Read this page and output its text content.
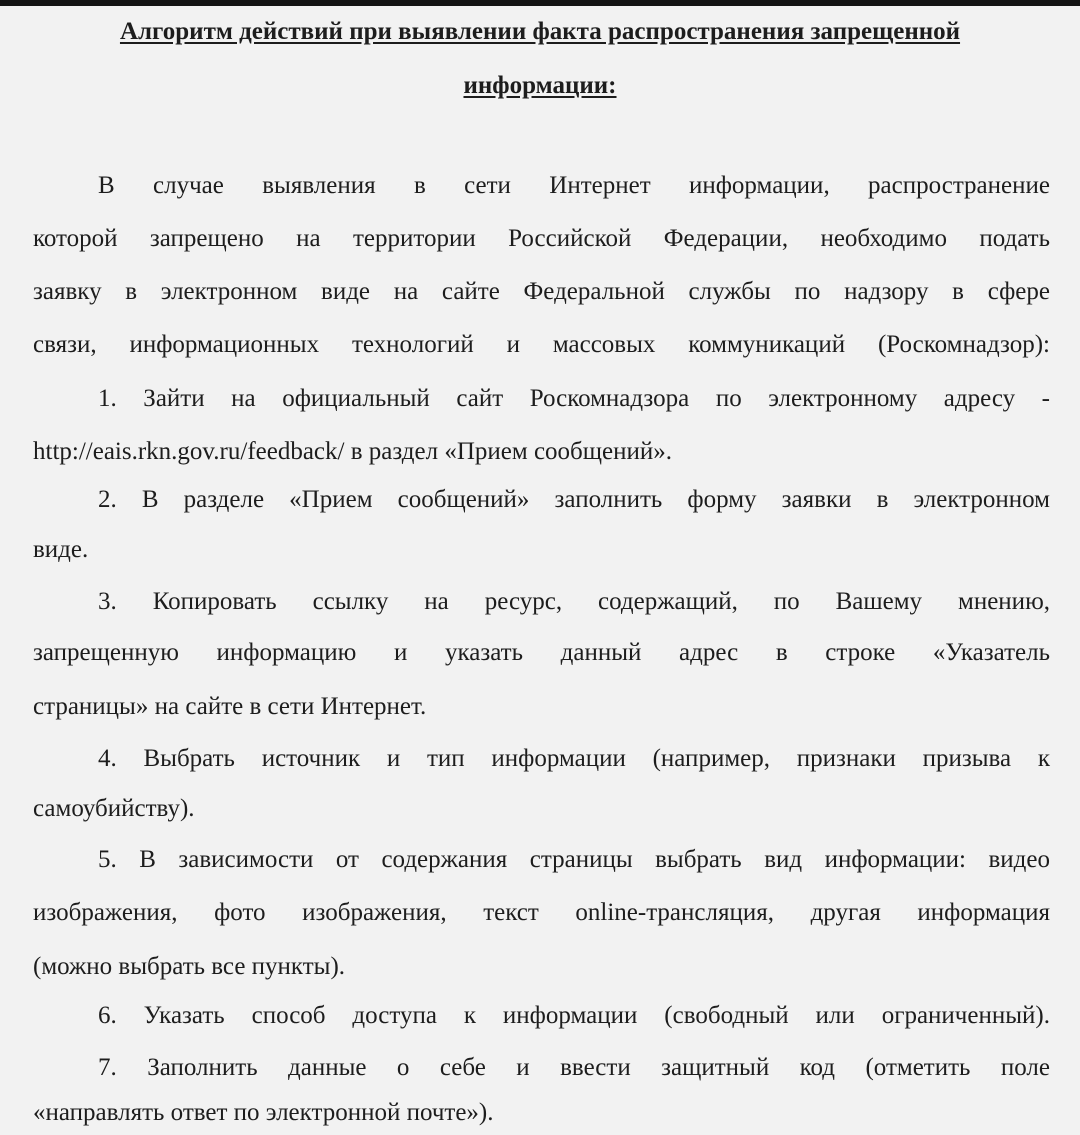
Алгоритм действий при выявлении факта распространения запрещенной
информации:
В случае выявления в сети Интернет информации, распространение
которой запрещено на территории Российской Федерации, необходимо подать
заявку в электронном виде на сайте Федеральной службы по надзору в сфере
связи, информационных технологий и массовых коммуникаций (Роскомнадзор):
1. Зайти на официальный сайт Роскомнадзора по электронному адресу -
http://eais.rkn.gov.ru/feedback/ в раздел «Прием сообщений».
2. В разделе «Прием сообщений» заполнить форму заявки в электронном
виде.
3. Копировать ссылку на ресурс, содержащий, по Вашему мнению,
запрещенную информацию и указать данный адрес в строке «Указатель
страницы» на сайте в сети Интернет.
4. Выбрать источник и тип информации (например, признаки призыва к
самоубийству).
5. В зависимости от содержания страницы выбрать вид информации: видео
изображения, фото изображения, текст online-трансляция, другая информация
(можно выбрать все пункты).
6. Указать способ доступа к информации (свободный или ограниченный).
7. Заполнить данные о себе и ввести защитный код (отметить поле
«направлять ответ по электронной почте»).
